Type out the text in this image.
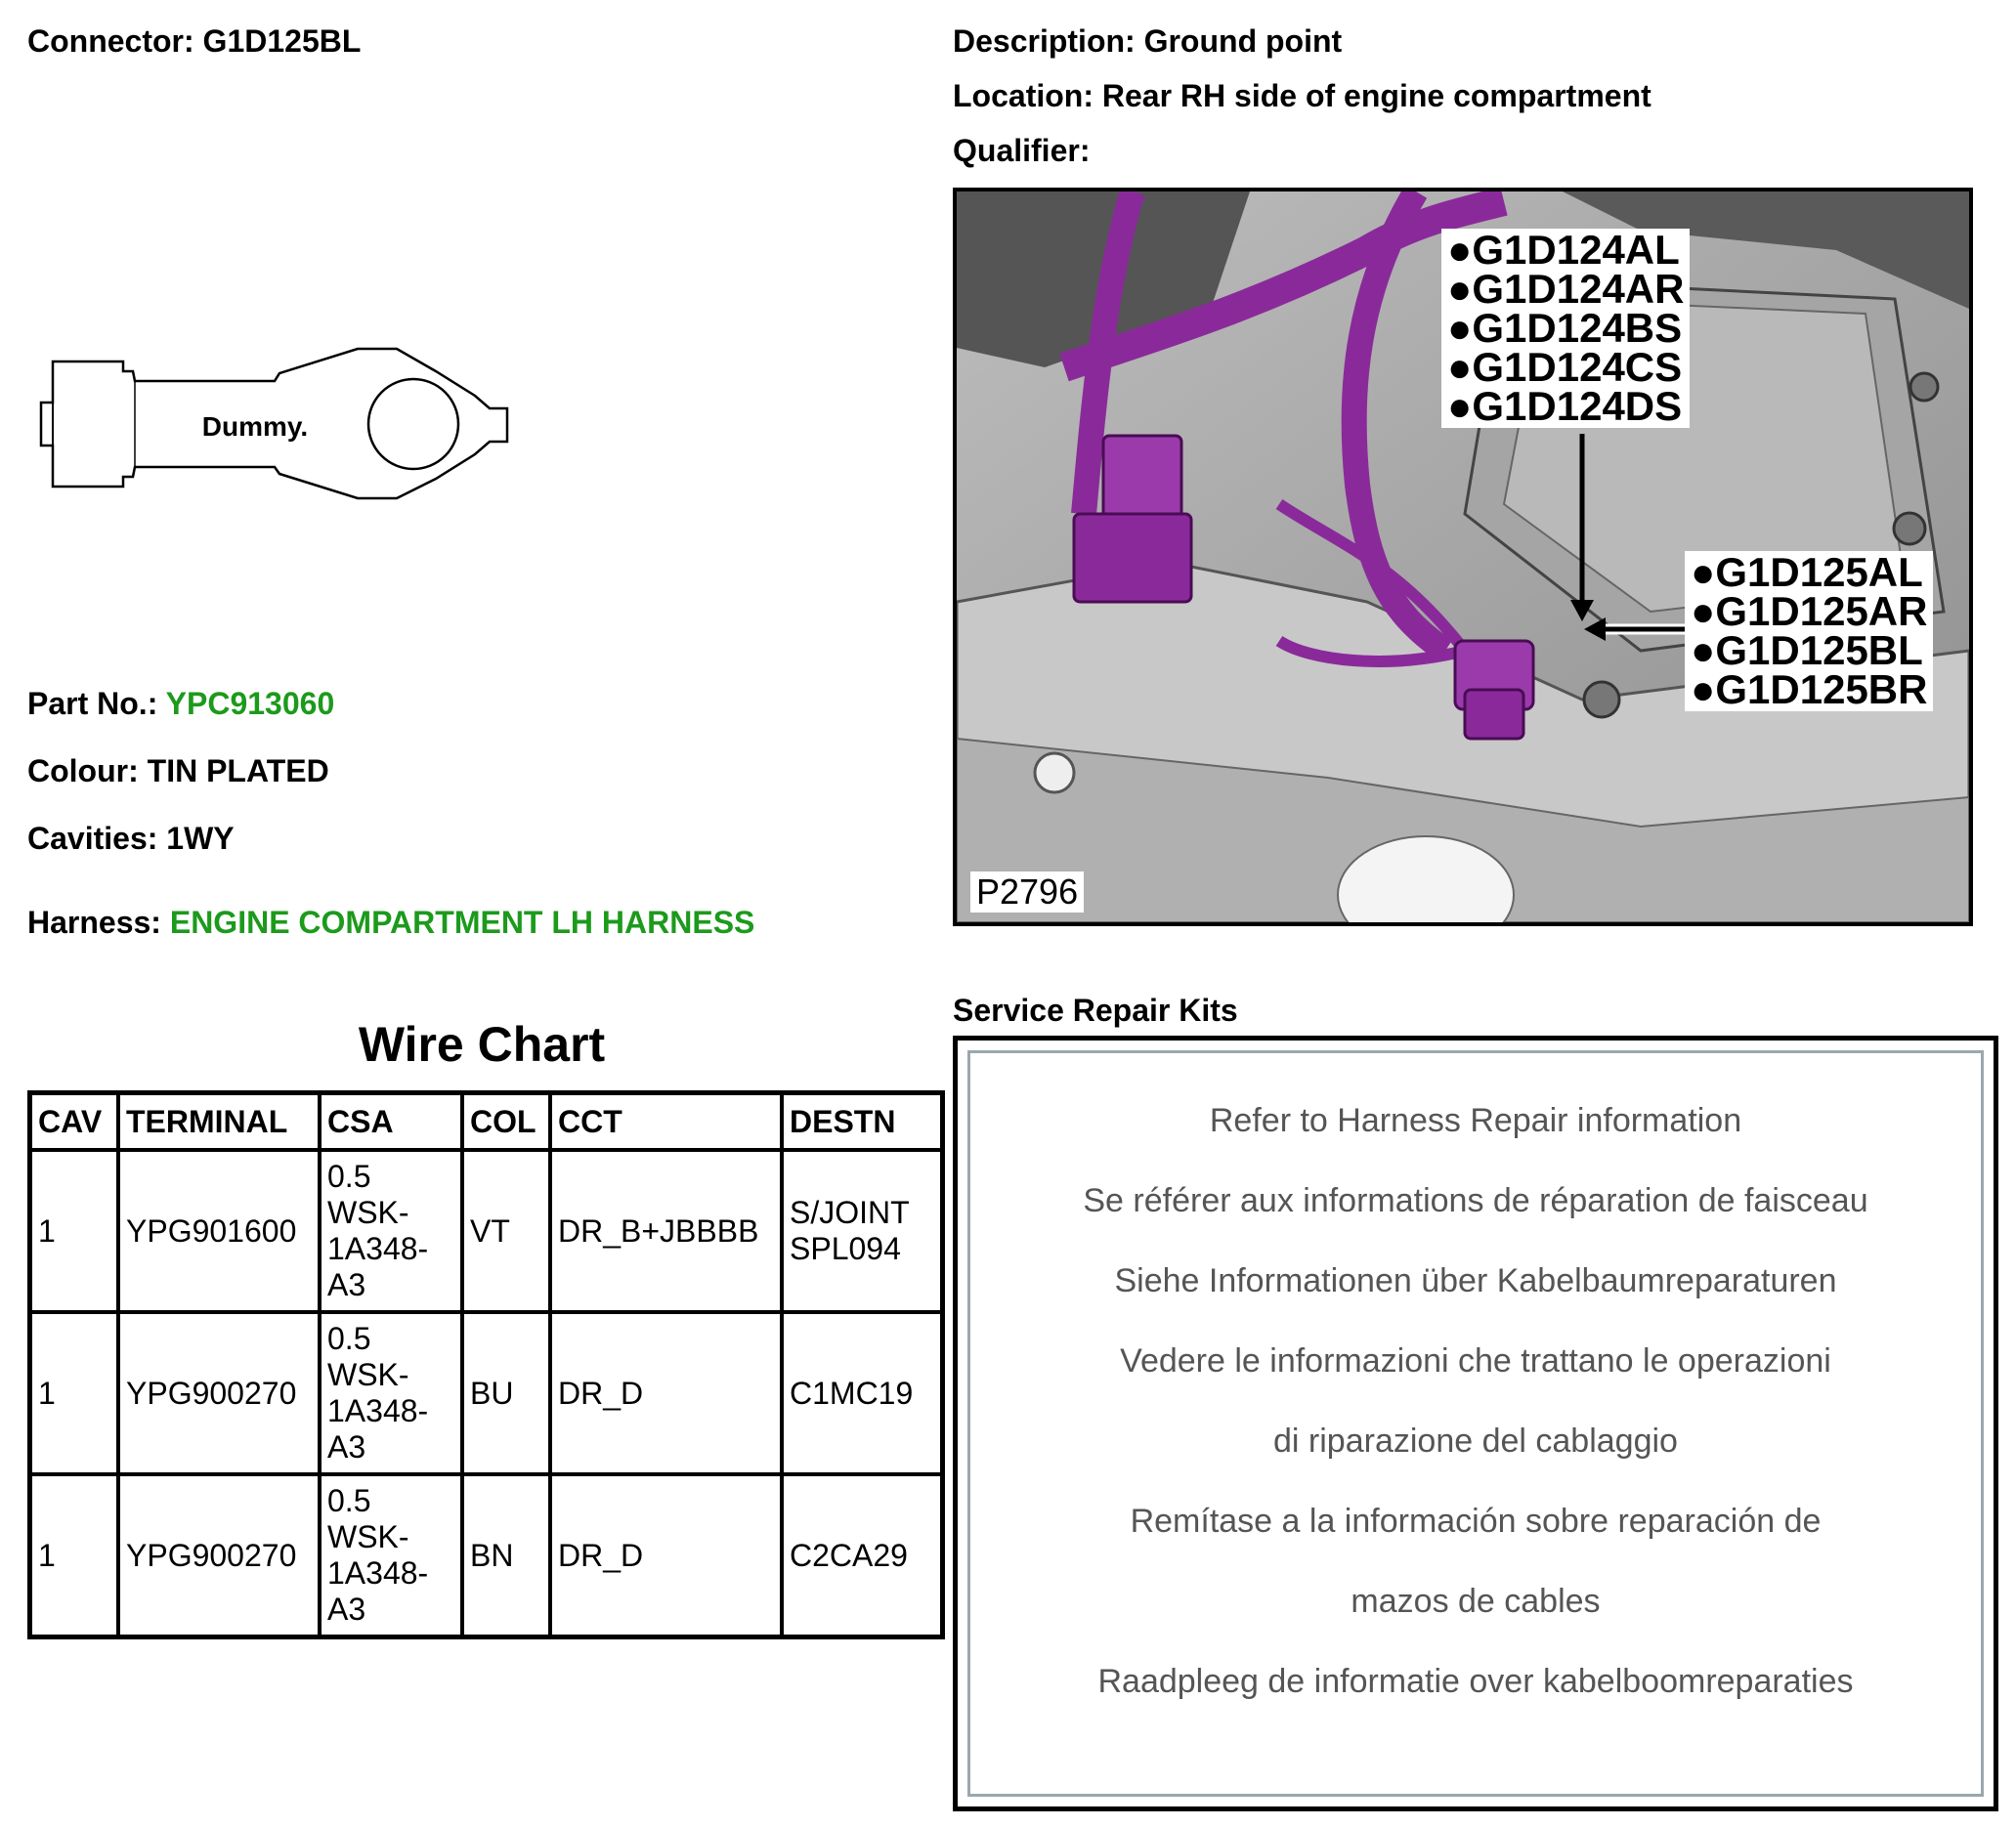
Connector: G1D125BL	Description: Ground point
Location: Rear RH side of engine compartment
Qualifier:
Dummy.
Part No.: YPC913060
Colour: TIN PLATED
Cavities: 1WY
Harness: ENGINE COMPARTMENT LH HARNESS
Wire Chart
CAV	TERMINAL	CSA	COL	CCT	DESTN
1	YPG901600	0.5 WSK-1A348-A3	VT	DR_B+JBBBB	S/JOINT SPL094
1	YPG900270	0.5 WSK-1A348-A3	BU	DR_D	C1MC19
1	YPG900270	0.5 WSK-1A348-A3	BN	DR_D	C2CA29
●G1D124AL
●G1D124AR
●G1D124BS
●G1D124CS
●G1D124DS
●G1D125AL
●G1D125AR
●G1D125BL
●G1D125BR
P2796
Service Repair Kits
Refer to Harness Repair information
Se référer aux informations de réparation de faisceau
Siehe Informationen über Kabelbaumreparaturen
Vedere le informazioni che trattano le operazioni
di riparazione del cablaggio
Remítase a la información sobre reparación de
mazos de cables
Raadpleeg de informatie over kabelboomreparaties
